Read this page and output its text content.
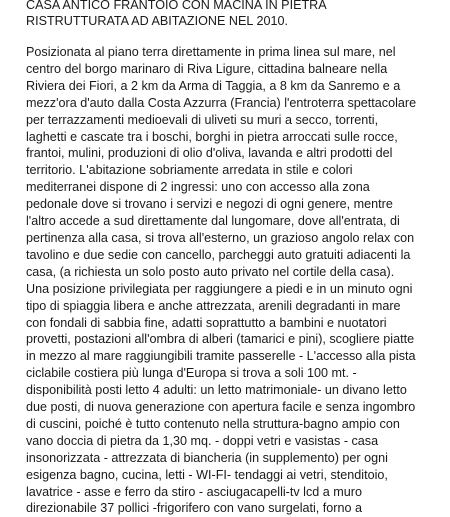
CASA ANTICO FRANTOIO CON MACINA IN PIETRA
RISTRUTTURATA AD ABITAZIONE NEL 2010.
Posizionata al piano terra direttamente in prima linea sul mare, nel
centro del borgo marinaro di Riva Ligure, cittadina balneare nella
Riviera dei Fiori, a 2 km da Arma di Taggia, a 8 km da Sanremo e a
mezz'ora d'auto dalla Costa Azzurra (Francia) l'entroterra spettacolare
per terrazzamenti medioevali di uliveti su muri a secco, torrenti,
laghetti e cascate tra i boschi, borghi in pietra arroccati sulle rocce,
frantoi, mulini, produzioni di olio d'oliva, lavanda e altri prodotti del
territorio. L'abitazione sobriamente arredata in stile e colori
mediterranei dispone di 2 ingressi: uno con accesso alla zona
pedonale dove si trovano i servizi e negozi di ogni genere, mentre
l'altro accede a sud direttamente dal lungomare, dove all'entrata, di
pertinenza alla casa, si trova all'esterno, un grazioso angolo relax con
tavolino e due sedie con cancello, parcheggi auto gratuiti adiacenti la
casa, (a richiesta un solo posto auto privato nel cortile della casa).
Una posizione privilegiata per raggiungere a piedi e in un minuto ogni
tipo di spiaggia libera e anche attrezzata, arenili degradanti in mare
con fondali di sabbia fine, adatti soprattutto a bambini e nuotatori
provetti, postazioni all'ombra di alberi (tamarici e pini), scogliere piatte
in mezzo al mare raggiungibili tramite passerelle - L'accesso alla pista
ciclabile costiera più lunga d'Europa si trova a soli 100 mt. -
disponibilità posti letto 4 adulti: un letto matrimoniale- un divano letto
due posti, di nuova generazione con apertura facile e senza ingombro
di cuscini, poiché è tutto contenuto nella struttura-bagno ampio con
vano doccia di pietra da 1,30 mq. - doppi vetri e vasistas - casa
insonorizzata - attrezzata di biancheria (in supplemento) per ogni
esigenza bagno, cucina, letti - WI-FI- tendaggi ai vetri, stenditoio,
lavatrice - asse e ferro da stiro - asciugacapelli-tv lcd a muro
direzionabile 37 pollici -frigorifero con vano surgelati, forno a
